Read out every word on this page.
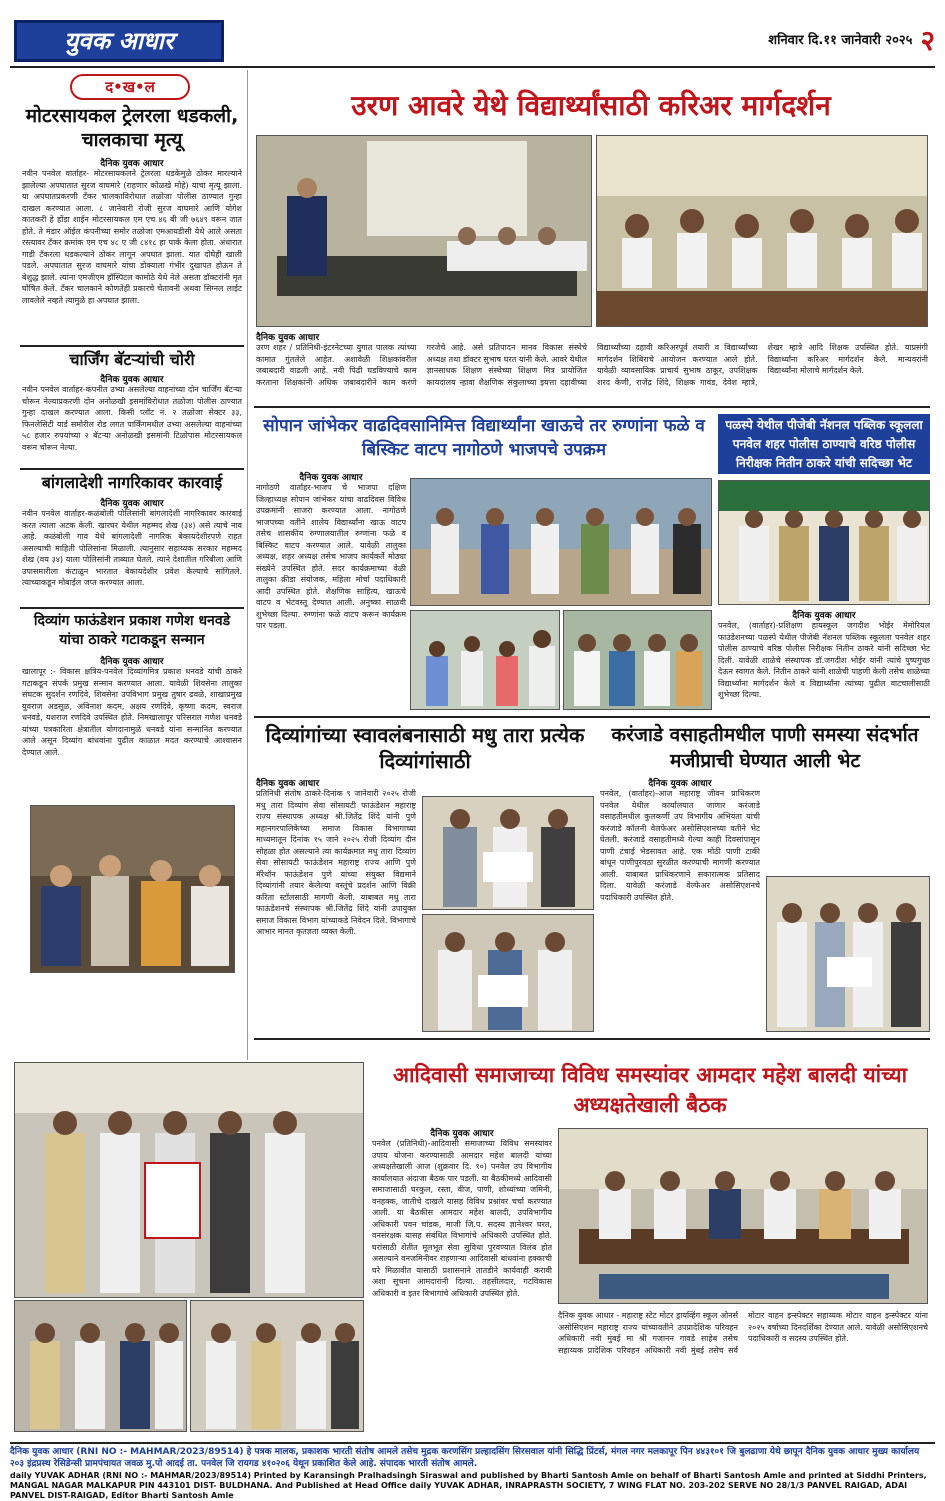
युवक आधार	शनिवार दि.११ जानेवारी २०२५ २
द•ख•ल
मोटरसायकल ट्रेलरला धडकली, चालकाचा मृत्यू
दैनिक युवक आधार
नवीन पनवेल वार्ताहर- मोटरसायकलने ट्रेलरला धडकेमुळे ठोकर मारल्याने झालेल्या अपघातात सुरज वाघमारे (राहणार कोळखे मोहे) याचा मृत्यू झाला. या अपघातप्रकरणी टँकर चालकाविरोधात तळोजा पोलीस ठाण्यात गुन्हा दाखल करण्यात आला. ८ जानेवारी रोजी सुरज वाघमारे आणि योगेश कातकरी हे होंडा शाईन मोटरसायकल एम एच ४६ बी जी ७६४९ वरून जात होते. ते मंडार ऑईल कंपनीच्या समोर तळोजा एमआयडीसी येथे आले असता रस्त्यावर टँकर क्रमांक एम एच ४८ ए जी ८४१८ हा पार्क केला होता. अंधारात गाडी टँकरला धडकल्याने ठोकर लागून अपघात झाला. यात दोघेही खाली पडले. अपघातात सुरज वाघमारे यांचा डोक्याला गंभीर दुखापत होऊन ते बेशुद्ध झाले. त्यांना एमजीएम हॉस्पिटल कामोठे येथे नेले असता डॉक्टरांनी मृत घोषित केले. टँकर चालकाने कोणतेही प्रकारचे चेतावनी अथवा सिग्नल लाईट लावलेले नव्हते त्यामुळे हा अपघात झाला.
चार्जिंग बॅटऱ्यांची चोरी
दैनिक युवक आधार
नवीन पनवेल वार्ताहर-कंपनीत उभ्या असलेल्या वाहनांच्या दोन चार्जिंग बॅटऱ्या चोरून नेल्याप्रकरणी दोन अनोळखी इसमांविरोधात तळोजा पोलीस ठाण्यात गुन्हा दाखल करण्यात आला. किसी प्लॉट नं. २ तळोजा सेक्टर ३३, फिनलेसिटी यार्ड समोरील रोड लगत पार्किंगमधील उभ्या असलेल्या वाहनांच्या ५८ हजार रुपयांच्या २ बॅटऱ्या अनोळखी इसमांनी टिळोपास मोटरसायकल वरून चोरून नेल्या.
बांगलादेशी नागरिकावर कारवाई
दैनिक युवक आधार
नवीन पनवेल वार्ताहर-कळंबोली पोलिसांनी बांगलादेशी नागरिकावर कारवाई करत त्याला अटक केली. खारघर येथील महम्मद शेख (३४) असे त्याचे नाव आहे. कळंबोली गाव येथे बांगलादेशी नागरिक बेकायदेशीरपणे राहत असल्याची माहिती पोलिसांना मिळाली. त्यानुसार सहाय्यक सरकार महम्मद शेख (वय ३४) याला पोलिसांनी ताब्यात घेतले. त्याने देशातील गरिबीला आणि उपासमारीला कंटाळून भारतात बेकायदेशीर प्रवेश केल्याचे सांगितले. त्याच्याकडून मोबाईल जप्त करण्यात आला.
दिव्यांग फाऊंडेशन प्रकाश गणेश धनवडे यांचा ठाकरे गटाकडून सन्मान
दैनिक युवक आधार
खालापूर :- विकास क्षत्रिय-पनवेल दिव्यांगमित्र प्रकाश धनवडे यांची ठाकरे गटाकडून संपर्क प्रमुख सन्मान करण्यात आला. यावेळी शिवसेना तालुका संघटक सुदर्शन रणदिवे, शिवसेना उपविभाग प्रमुख तुषार ढवळे, शाखाप्रमुख युवराज अडसूळ, अविनाश कदम, अक्षय रणदिवे, कृष्णा कदम, स्वराज धनवडे, यशराज रणदिवे उपस्थित होते. निमखालापूर परिसरात गणेश धनवडे यांच्या पत्रकारिता क्षेत्रातील योगदानामुळे धनवडे यांना सन्मानित करण्यात आले असून दिव्यांग बांधवांना पुढील काळात मदत करण्याचे आश्वासन देण्यात आले.
उरण आवरे येथे विद्यार्थ्यांसाठी करिअर मार्गदर्शन
दैनिक युवक आधार
उरण शहर / प्रतिनिधी-इंटरनेटच्या युगात पालक त्यांच्या कामात गुंतलेले आहेत. अशावेळी शिक्षकांवरील जबाबदारी वाढली आहे. नवी पिढी घडविण्याचे काम करताना शिक्षकांनी अधिक जबाबदारीने काम करणे गरजेचे आहे. असे प्रतिपादन मानव विकास संस्थेचे अध्यक्ष तथा डॉक्टर सुभाष घरत यांनी केले. आवरे येथील ज्ञानसाधक शिक्षण संस्थेच्या शिक्षण मित्र प्रायोजित कायदालय न्हावा शैक्षणिक संकुलाच्या इयत्ता दहावीच्या विद्यार्थ्यांच्या दहावी करिअरपूर्व तयारी व विद्यार्थ्यांच्या मार्गदर्शन शिबिराचे आयोजन करण्यात आले होते. यावेळी व्यावसायिक प्राचार्य सुभाष ठाकूर, उपशिक्षक शरद केणी, राजेंद्र शिंदे, शिक्षक गावंड, देवेश म्हात्रे, शेखर म्हात्रे आदि शिक्षक उपस्थित होते. याप्रसंगी विद्यार्थ्यांना करिअर मार्गदर्शन केले. मान्यवरांनी विद्यार्थ्यांना मोलाचे मार्गदर्शन केले.
सोपान जांभेकर वाढदिवसानिमित्त विद्यार्थ्यांना खाऊचे तर रुग्णांना फळे व बिस्किट वाटप नागोठणे भाजपचे उपक्रम
दैनिक युवक आधार
नागोठणे वार्ताहर-भाजप चे भाजपा दक्षिण जिल्हाध्यक्ष सोपान जांभेकर यांचा वाढदिवस विविध उपक्रमांनी साजरा करण्यात आला. नागोठणे भाजपच्या वतीने शालेय विद्यार्थ्यांना खाऊ वाटप तसेच शासकीय रुग्णालयातील रुग्णांना फळे व बिस्किट वाटप करण्यात आले. यावेळी तालुका अध्यक्ष, शहर अध्यक्ष तसेच भाजप कार्यकर्ते मोठ्या संख्येने उपस्थित होते. सदर कार्यक्रमाच्या वेळी तालुका क्रीडा संयोजक, महिला मोर्चा पदाधिकारी आदी उपस्थित होते. शैक्षणिक साहित्य, खाऊचे वाटप व भेटवस्तू देण्यात आली. अनुष्का साळवी शुभेच्छा दिल्या. रुग्णांना फळे वाटप करून कार्यक्रम पार पडला.
पळस्पे येथील पीजेबी नॅशनल पब्लिक स्कूलला पनवेल शहर पोलीस ठाण्याचे वरिष्ठ पोलीस निरीक्षक नितीन ठाकरे यांची सदिच्छा भेट
दैनिक युवक आधार
पनवेल, (वार्ताहर)-प्रशिक्षण हायस्कूल जगदीश भोईर मेमोरियल फाउंडेशनच्या पळस्पे येथील पीजेबी नॅशनल पब्लिक स्कूलला पनवेल शहर पोलीस ठाण्याचे वरिष्ठ पोलीस निरीक्षक नितीन ठाकरे यांनी सदिच्छा भेट दिली. यावेळी शाळेचे संस्थापक डॉ.जगदीश भोईर यांनी त्यांचे पुष्पगुच्छ देऊन स्वागत केले. नितीन ठाकरे यांनी शाळेची पाहणी केली तसेच शाळेच्या विद्यार्थ्यांना मार्गदर्शन केले व विद्यार्थ्यांना त्यांच्या पुढील वाटचालीसाठी शुभेच्छा दिल्या.
दिव्यांगांच्या स्वावलंबनासाठी मधु तारा प्रत्येक दिव्यांगांसाठी
दैनिक युवक आधार
प्रतिनिधी संतोष ठाकरे-दिनांक ९ जानेवारी २०२५ रोजी मधु तारा दिव्यांग सेवा सोसायटी फाऊंडेशन महाराष्ट्र राज्य संस्थापक अध्यक्ष श्री.जितेंद्र शिंदे यांनी पुणे महानगरपालिकेच्या समाज विकास विभागाच्या माध्यमातून दिनांक १५ जाने २०२५ रोजी दिव्यांग दीन सोहळा होत असल्याने त्या कार्यक्रमात मधु तारा दिव्यांग सेवा सोसायटी फाऊंडेशन महाराष्ट्र राज्य आणि पुणे मॅरेथॉन फाऊंडेशन पुणे यांच्या संयुक्त विद्यमाने दिव्यांगांनी तयार केलेल्या वस्तूंचे प्रदर्शन आणि विक्री करिता स्टॉलसाठी मागणी केली. याबाबत मधु तारा फाऊंडेशनचे संस्थापक श्री.जितेंद्र शिंदे यांनी उपायुक्त समाज विकास विभाग यांच्याकडे निवेदन दिले. विभागाचे आभार मानत कृतज्ञता व्यक्त केली.
करंजाडे वसाहतीमधील पाणी समस्या संदर्भात मजीप्राची घेण्यात आली भेट
दैनिक युवक आधार
पनवेल, (वार्ताहर)-आज महाराष्ट्र जीवन प्राधिकरण पनवेल येथील कार्यालयात जाणार करंजाडे वसाहतीमधील कुलकर्णी उप विभागीय अभियंता यांची करंजाडे कॉलनी वेलफेअर असोसिएशनच्या वतीने भेट घेतली. करंजाडे वसाहतीमध्ये गेल्या काही दिवसांपासून पाणी टंचाई भेडसावत आहे. एक मोठी पाणी टाकी बांधून पाणीपुरवठा सुरळीत करण्याची मागणी करण्यात आली. याबाबत प्राधिकरणाने सकारात्मक प्रतिसाद दिला. यावेळी करंजाडे वेल्फेअर असोसिएशनचे पदाधिकारी उपस्थित होते.
आदिवासी समाजाच्या विविध समस्यांवर आमदार महेश बालदी यांच्या अध्यक्षतेखाली बैठक
दैनिक युवक आधार
पनवेल (प्रतिनिधी)-आदिवासी समाजाच्या विविध समस्यांवर उपाय योजना करण्यासाठी आमदार महेश बालदी यांच्या अध्यक्षतेखाली आज (शुक्रवार दि. १०) पनवेल उप विभागीय कार्यालयात अंदाजा बैठक पार पडली. या बैठकीमध्ये आदिवासी समाजासाठी घरकुल, रस्ता, वीज, पाणी, शोध्यांच्या जमिनी, वनहक्क, जातीचे दाखले यासह विविध प्रश्नांवर चर्चा करण्यात आली. या बैठकीस आमदार महेश बालदी, उपविभागीय अधिकारी पवन चांडक, माजी जि.प. सदस्य ज्ञानेश्वर घरत, वनसंरक्षक यासह संबंधित विभागांचे अधिकारी उपस्थित होते. घरांसाठी शेतीत मूलभूत सेवा सुविधा पुरवण्यात विलंब होत असल्याने वनजमिनीवर राहणाऱ्या आदिवासी बांधवांना हक्काची घरे मिळावीत यासाठी प्रशासनाने तातडीने कार्यवाही करावी अशा सूचना आमदारांनी दिल्या. तहसीलदार, गटविकास अधिकारी व इतर विभागांचे अधिकारी उपस्थित होते.
दैनिक युवक आधार - महाराष्ट्र स्टेट मोटर ड्रायव्हिंग स्कूल ओनर्स असोसिएशन महाराष्ट्र राज्य यांच्यावतीने उपप्रादेशिक परिवहन अधिकारी नवी मुंबई मा श्री गजानन गावडे साहेब तसेच सहाय्यक प्रादेशिक परिवहन अधिकारी नवी मुंबई तसेच सर्व मोटार वाहन इन्स्पेक्टर सहाय्यक मोटार वाहन इन्स्पेक्टर यांना २०२५ वर्षाच्या दिनदर्शिका देण्यात आले. यावेळी असोसिएशनचे पदाधिकारी व सदस्य उपस्थित होते.
दैनिक युवक आधार (RNI NO :- MAHMAR/2023/89514) हे पत्रक मालक, प्रकाशक भारती संतोष आमले तसेच मुद्रक करणसिंग प्रल्हादसिंग सिरसवाल यांनी सिद्धि प्रिंटर्स, मंगल नगर मलकापूर पिन ४४३१०१ जि बुलढाणा येथे छापून दैनिक युवक आधार मुख्य कार्यालय २०३ इंद्रप्रस्थ रेसिडेन्सी प्रामपंचायत जवळ मु.पो आदई ता. पनवेल जि रायगड ४१०२०६ येथून प्रकाशित केले आहे. संपादक भारती संतोष आमले.
daily YUVAK ADHAR (RNI NO :- MAHMAR/2023/89514) Printed by Karansingh Pralhadsingh Siraswal and published by Bharti Santosh Amle on behalf of Bharti Santosh Amle and printed at Siddhi Printers, MANGAL NAGAR MALKAPUR PIN 443101 DIST- BULDHANA. And Published at Head Office daily YUVAK ADHAR, INRAPRASTH SOCIETY, 7 WING FLAT NO. 203-202 SERVE NO 28/1/3 PANVEL RAIGAD, ADAI PANVEL DIST-RAIGAD, Editor Bharti Santosh Amle
